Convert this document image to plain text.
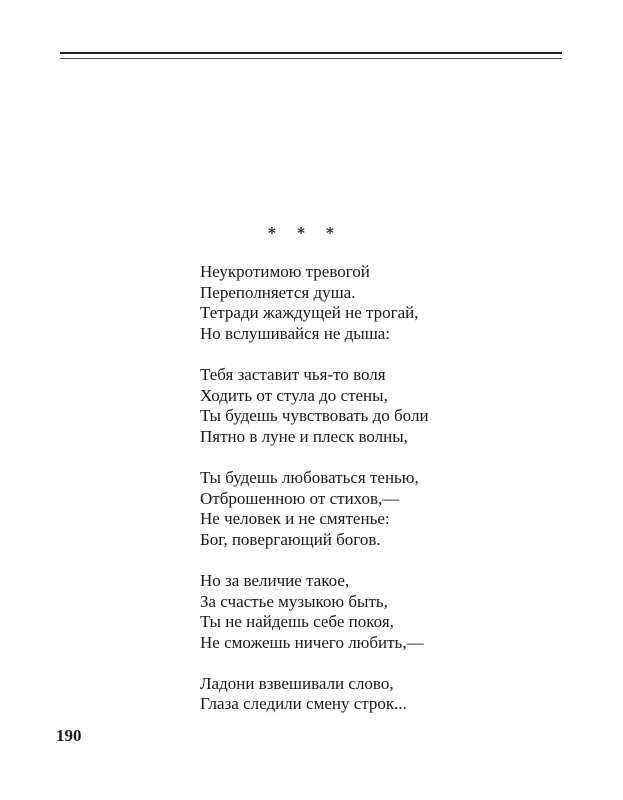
* * *
Неукротимою тревогой
Переполняется душа.
Тетради жаждущей не трогай,
Но вслушивайся не дыша:
Тебя заставит чья-то воля
Ходить от стула до стены,
Ты будешь чувствовать до боли
Пятно в луне и плеск волны,
Ты будешь любоваться тенью,
Отброшенною от стихов,—
Не человек и не смятенье:
Бог, повергающий богов.
Но за величие такое,
За счастье музыкою быть,
Ты не найдешь себе покоя,
Не сможешь ничего любить,—
Ладони взвешивали слово,
Глаза следили смену строк...
190
